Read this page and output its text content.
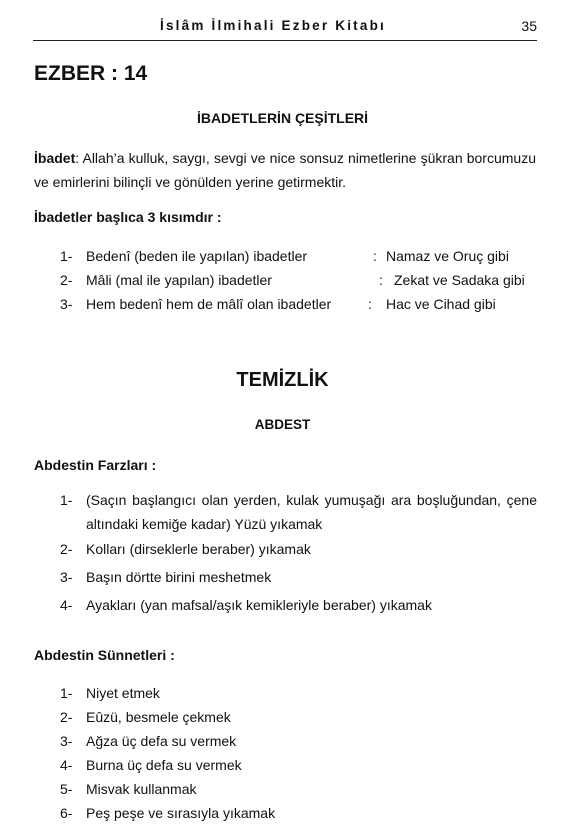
İslâm İlmihali Ezber Kitabı	35
EZBER : 14
İBADETLERİN ÇEŞİTLERİ
İbadet: Allah’a kulluk, saygı, sevgi ve nice sonsuz nimetlerine şükran borcumuzu ve emirlerini bilinçli ve gönülden yerine getirmektir.
İbadetler başlıca 3 kısımdır :
1- Bedenî (beden ile yapılan) ibadetler	: Namaz ve Oruç gibi
2- Mâli (mal ile yapılan) ibadetler	: Zekat ve Sadaka gibi
3- Hem bedenî hem de mâlî olan ibadetler	: Hac ve Cihad gibi
TEMİZLİK
ABDEST
Abdestin Farzları :
1- (Saçın başlangıcı olan yerden, kulak yumuşağı ara boşluğundan, çene altındaki kemiğe kadar) Yüzü yıkamak
2- Kolları (dirseklerle beraber) yıkamak
3- Başın dörtte birini meshetmek
4- Ayakları (yan mafsal/aşık kemikleriyle beraber) yıkamak
Abdestin Sünnetleri :
1- Niyet etmek
2- Eûzü, besmele çekmek
3- Ağza üç defa su vermek
4- Burna üç defa su vermek
5- Misvak kullanmak
6- Peş peşe ve sırasıyla yıkamak
